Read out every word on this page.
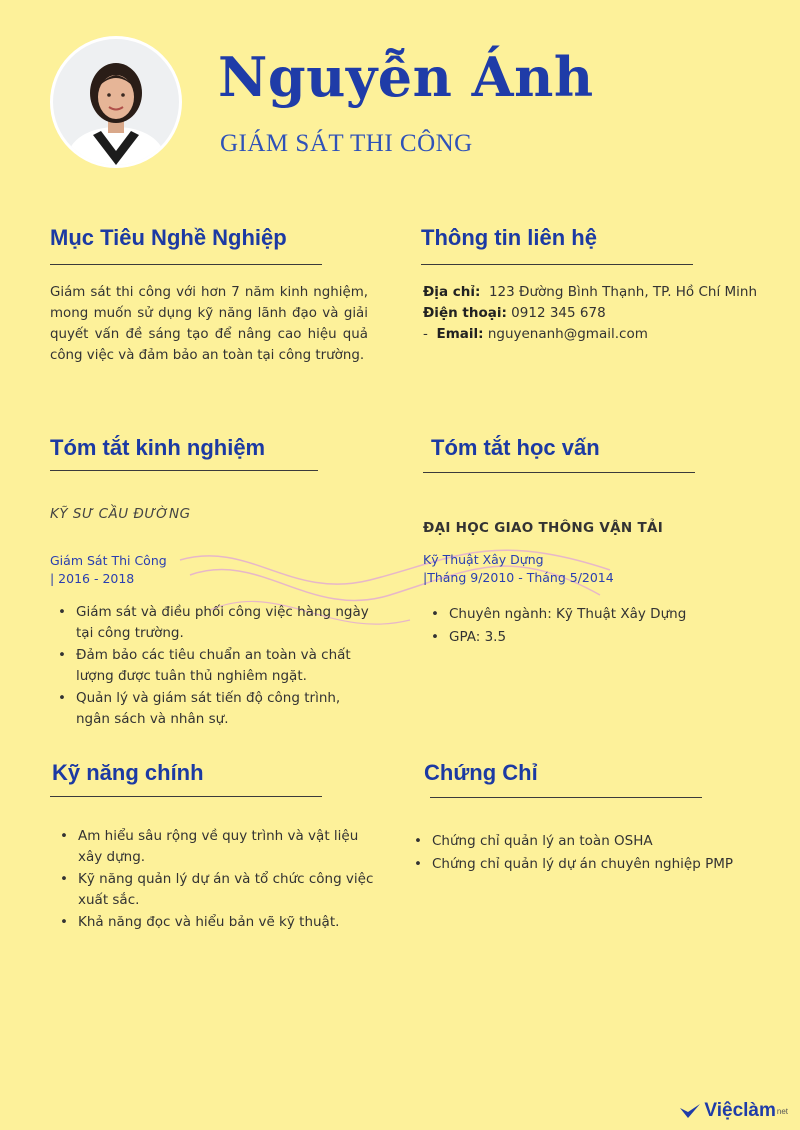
Nguyễn Ánh
GIÁM SÁT THI CÔNG
Mục Tiêu Nghề Nghiệp
Giám sát thi công với hơn 7 năm kinh nghiệm, mong muốn sử dụng kỹ năng lãnh đạo và giải quyết vấn đề sáng tạo để nâng cao hiệu quả công việc và đảm bảo an toàn tại công trường.
Thông tin liên hệ
Địa chỉ:  123 Đường Bình Thạnh, TP. Hồ Chí Minh
Điện thoại: 0912 345 678
-  Email: nguyenanh@gmail.com
Tóm tắt kinh nghiệm
KỸ SƯ CẦU ĐƯỜNG
Giám Sát Thi Công
| 2016 - 2018
• Giám sát và điều phối công việc hàng ngày tại công trường.
• Đảm bảo các tiêu chuẩn an toàn và chất lượng được tuân thủ nghiêm ngặt.
• Quản lý và giám sát tiến độ công trình, ngân sách và nhân sự.
Tóm tắt học vấn
ĐẠI HỌC GIAO THÔNG VẬN TẢI
Kỹ Thuật Xây Dựng
|Tháng 9/2010 - Tháng 5/2014
• Chuyên ngành: Kỹ Thuật Xây Dựng
• GPA: 3.5
Kỹ năng chính
• Am hiểu sâu rộng về quy trình và vật liệu xây dựng.
• Kỹ năng quản lý dự án và tổ chức công việc xuất sắc.
• Khả năng đọc và hiểu bản vẽ kỹ thuật.
Chứng Chỉ
• Chứng chỉ quản lý an toàn OSHA
• Chứng chỉ quản lý dự án chuyên nghiệp PMP
Việclàm net
